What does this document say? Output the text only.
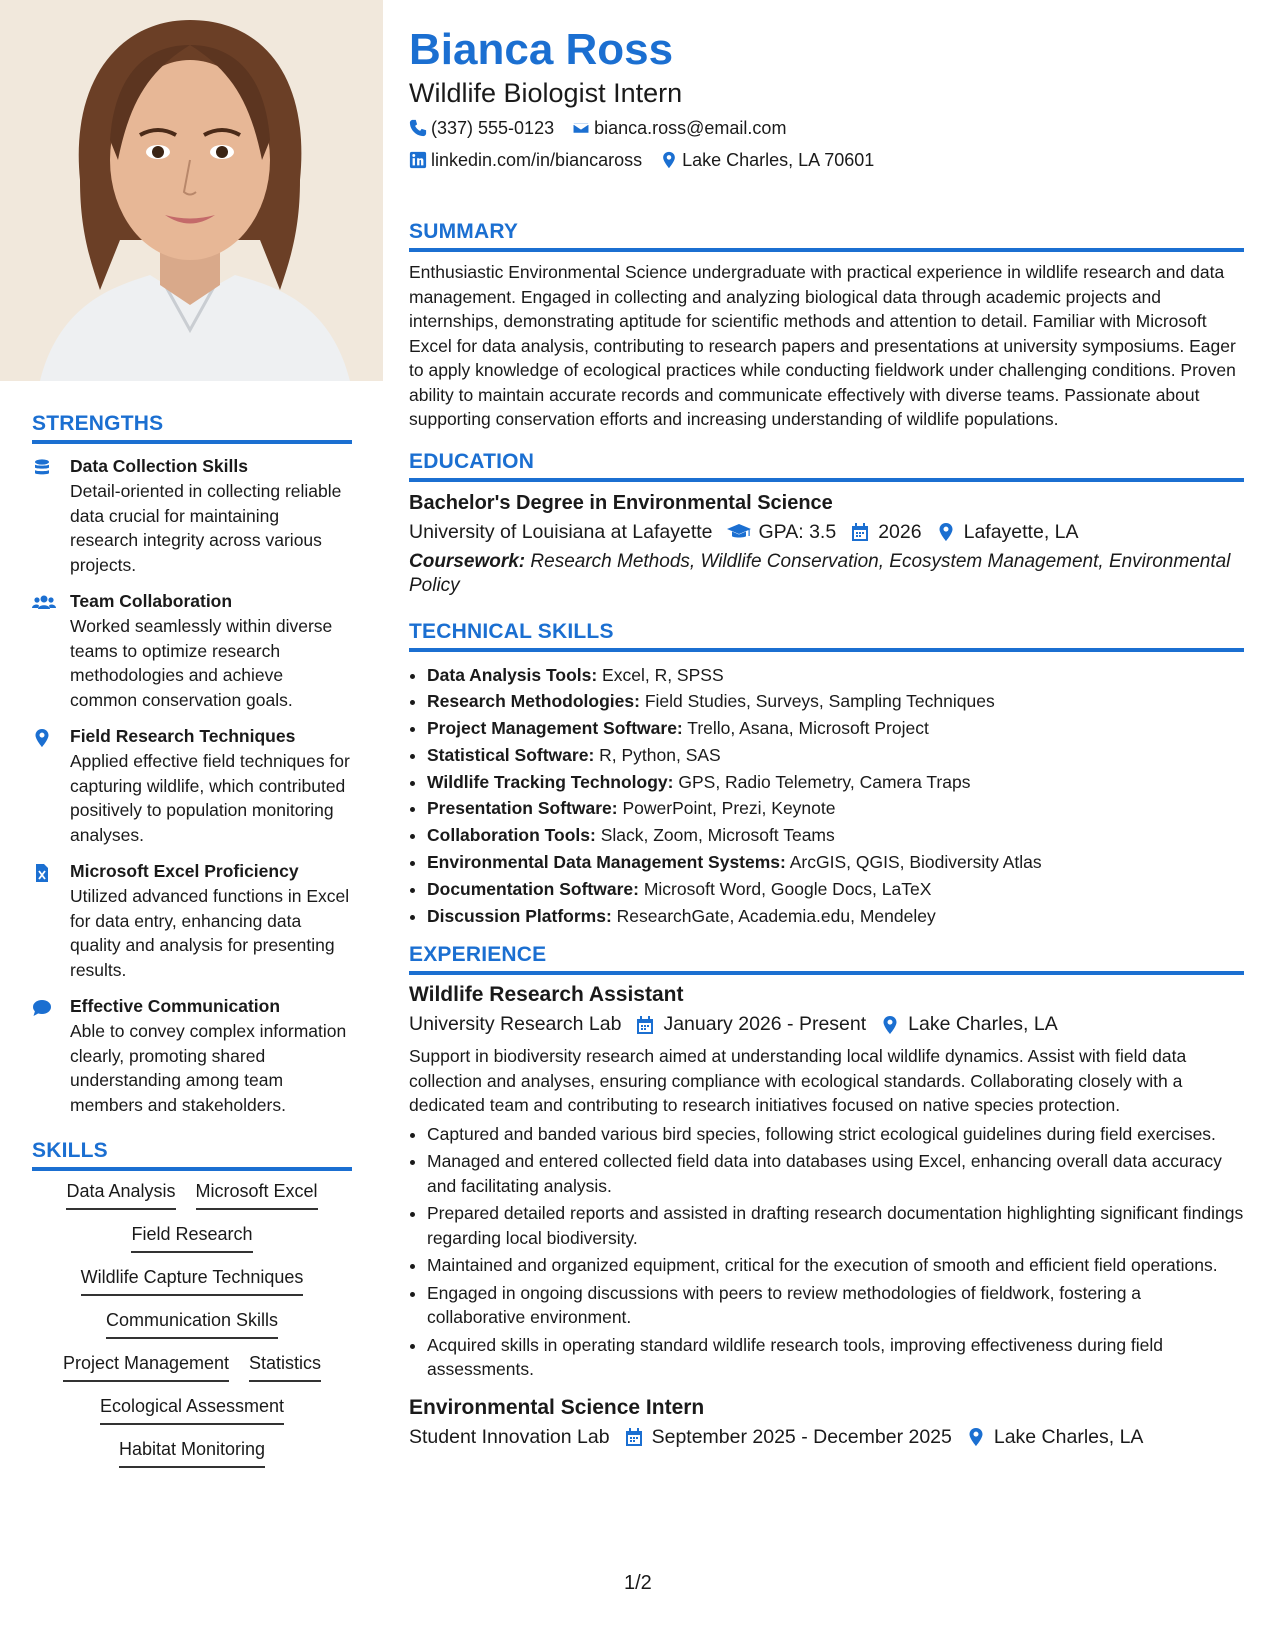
STRENGTHS
Data Collection Skills
Detail-oriented in collecting reliable data crucial for maintaining research integrity across various projects.
Team Collaboration
Worked seamlessly within diverse teams to optimize research methodologies and achieve common conservation goals.
Field Research Techniques
Applied effective field techniques for capturing wildlife, which contributed positively to population monitoring analyses.
Microsoft Excel Proficiency
Utilized advanced functions in Excel for data entry, enhancing data quality and analysis for presenting results.
Effective Communication
Able to convey complex information clearly, promoting shared understanding among team members and stakeholders.
SKILLS
Data Analysis Microsoft Excel
Field Research
Wildlife Capture Techniques
Communication Skills
Project Management Statistics
Ecological Assessment
Habitat Monitoring
Bianca Ross
Wildlife Biologist Intern
(337) 555-0123 bianca.ross@email.com
linkedin.com/in/biancaross Lake Charles, LA 70601
SUMMARY

Enthusiastic Environmental Science undergraduate with practical experience in wildlife research and data management. Engaged in collecting and analyzing biological data through academic projects and internships, demonstrating aptitude for scientific methods and attention to detail. Familiar with Microsoft Excel for data analysis, contributing to research papers and presentations at university symposiums. Eager to apply knowledge of ecological practices while conducting fieldwork under challenging conditions. Proven ability to maintain accurate records and communicate effectively with diverse teams. Passionate about supporting conservation efforts and increasing understanding of wildlife populations.

EDUCATION
Bachelor's Degree in Environmental Science
University of Louisiana at Lafayette GPA: 3.5 2026 Lafayette, LA
Coursework: Research Methods, Wildlife Conservation, Ecosystem Management, Environmental Policy
TECHNICAL SKILLS
• Data Analysis Tools: Excel, R, SPSS
• Research Methodologies: Field Studies, Surveys, Sampling Techniques
• Project Management Software: Trello, Asana, Microsoft Project
• Statistical Software: R, Python, SAS
• Wildlife Tracking Technology: GPS, Radio Telemetry, Camera Traps
• Presentation Software: PowerPoint, Prezi, Keynote
• Collaboration Tools: Slack, Zoom, Microsoft Teams
• Environmental Data Management Systems: ArcGIS, QGIS, Biodiversity Atlas
• Documentation Software: Microsoft Word, Google Docs, LaTeX
• Discussion Platforms: ResearchGate, Academia.edu, Mendeley
EXPERIENCE
Wildlife Research Assistant
University Research Lab January 2026 - Present Lake Charles, LA

Support in biodiversity research aimed at understanding local wildlife dynamics. Assist with field data collection and analyses, ensuring compliance with ecological standards. Collaborating closely with a dedicated team and contributing to research initiatives focused on native species protection.

• Captured and banded various bird species, following strict ecological guidelines during field exercises.
• Managed and entered collected field data into databases using Excel, enhancing overall data accuracy and facilitating analysis.
• Prepared detailed reports and assisted in drafting research documentation highlighting significant findings regarding local biodiversity.
• Maintained and organized equipment, critical for the execution of smooth and efficient field operations.
• Engaged in ongoing discussions with peers to review methodologies of fieldwork, fostering a collaborative environment.
• Acquired skills in operating standard wildlife research tools, improving effectiveness during field assessments.
Environmental Science Intern
Student Innovation Lab September 2025 - December 2025 Lake Charles, LA
1/2
